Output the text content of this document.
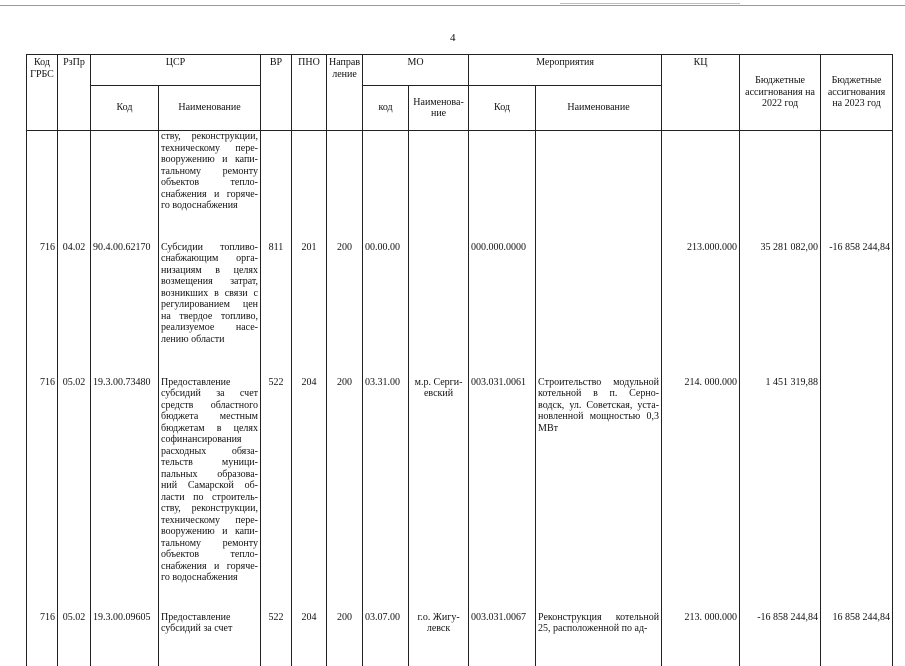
4
Код ГРБС	РзПр	ЦСР		ВР	ПНО	Направ ление	МО		Мероприятия		КЦ	Бюджетные ассигнования на 2022 год	Бюджетные ассигнования на 2023 год
		Код	Наименование				код	Наименова- ние	Код	Наименование			
			ству, реконструкции, техническому пере- вооружению и капи- тальному ремонту объектов тепло- снабжения и горяче- го водоснабжения										
716	04.02	90.4.00.62170	Субсидии топливо- снабжающим орга- низациям в целях возмещения затрат, возникших в связи с регулированием цен на твердое топливо, реализуемое насе- лению области	811	201	200	00.00.00		000.000.0000		213.000.000	35 281 082,00	-16 858 244,84
716	05.02	19.3.00.73480	Предоставление субсидий за счет средств областного бюджета местным бюджетам в целях софинансирования расходных обяза- тельств муници- пальных образова- ний Самарской об- ласти по строитель- ству, реконструкции, техническому пере- вооружению и капи- тальному ремонту объектов тепло- снабжения и горяче- го водоснабжения	522	204	200	03.31.00	м.р. Серги- евский	003.031.0061	Строительство модульной котельной в п. Серно- водск, ул. Советская, уста- новленной мощностью 0,3 МВт	214. 000.000	1 451 319,88	
716	05.02	19.3.00.09605	Предоставление субсидий за счет	522	204	200	03.07.00	г.о. Жигу- левск	003.031.0067	Реконструкция котельной 25, расположенной по ад-	213. 000.000	-16 858 244,84	16 858 244,84
